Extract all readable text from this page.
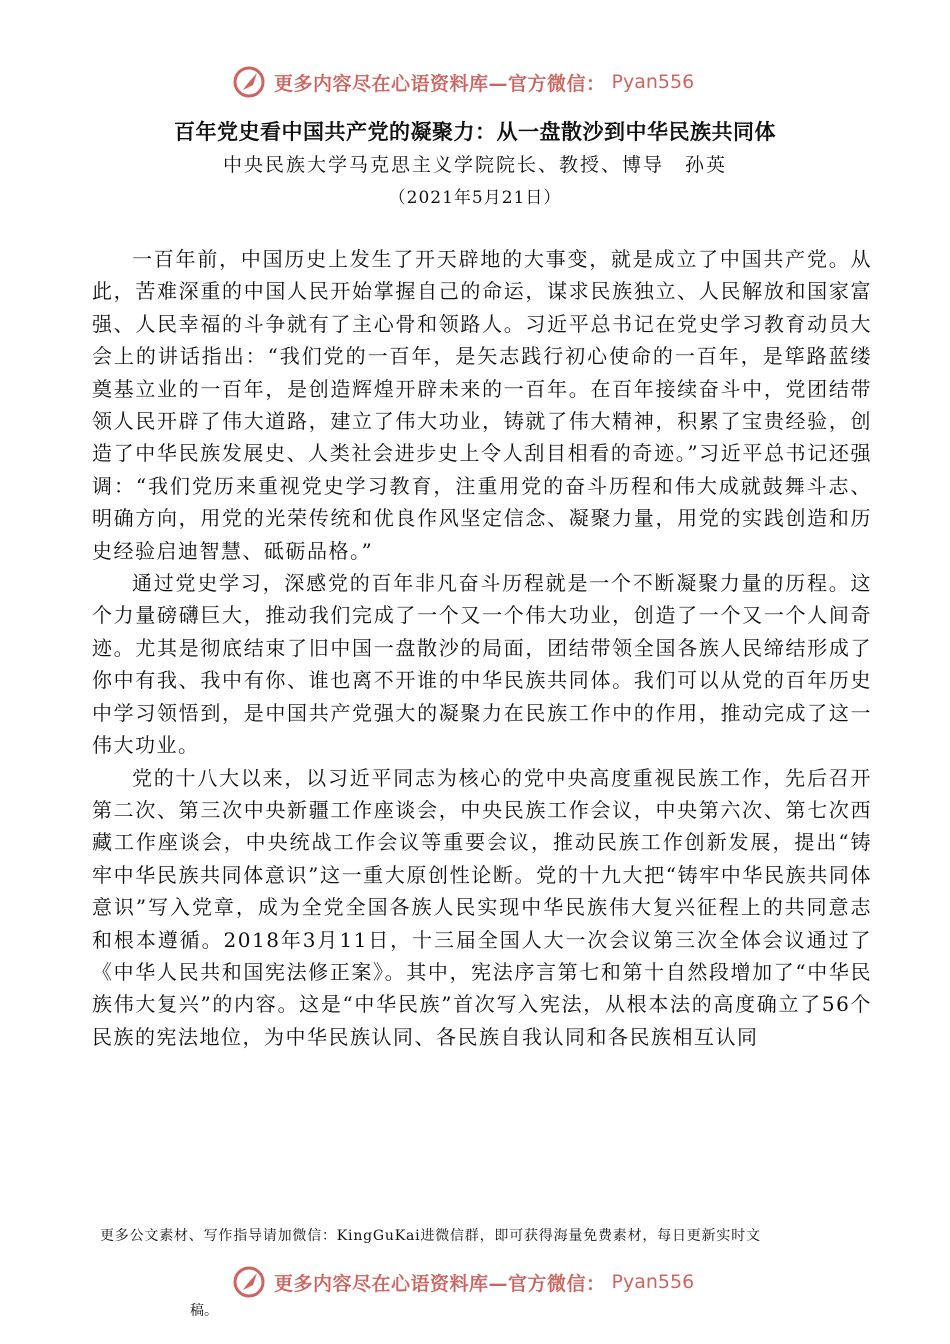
更多内容尽在心语资料库—官方微信： Pyan556
百年党史看中国共产党的凝聚力：从一盘散沙到中华民族共同体
中央民族大学马克思主义学院院长、教授、博导　孙英
（2021年5月21日）

一百年前，中国历史上发生了开天辟地的大事变，就是成立了中国共产党。从此，苦难深重的中国人民开始掌握自己的命运，谋求民族独立、人民解放和国家富强、人民幸福的斗争就有了主心骨和领路人。习近平总书记在党史学习教育动员大会上的讲话指出：“我们党的一百年，是矢志践行初心使命的一百年，是筚路蓝缕奠基立业的一百年，是创造辉煌开辟未来的一百年。在百年接续奋斗中，党团结带领人民开辟了伟大道路，建立了伟大功业，铸就了伟大精神，积累了宝贵经验，创造了中华民族发展史、人类社会进步史上令人刮目相看的奇迹。”习近平总书记还强调：“我们党历来重视党史学习教育，注重用党的奋斗历程和伟大成就鼓舞斗志、明确方向，用党的光荣传统和优良作风坚定信念、凝聚力量，用党的实践创造和历史经验启迪智慧、砥砺品格。”

通过党史学习，深感党的百年非凡奋斗历程就是一个不断凝聚力量的历程。这个力量磅礴巨大，推动我们完成了一个又一个伟大功业，创造了一个又一个人间奇迹。尤其是彻底结束了旧中国一盘散沙的局面，团结带领全国各族人民缔结形成了你中有我、我中有你、谁也离不开谁的中华民族共同体。我们可以从党的百年历史中学习领悟到，是中国共产党强大的凝聚力在民族工作中的作用，推动完成了这一伟大功业。

党的十八大以来，以习近平同志为核心的党中央高度重视民族工作，先后召开第二次、第三次中央新疆工作座谈会，中央民族工作会议，中央第六次、第七次西藏工作座谈会，中央统战工作会议等重要会议，推动民族工作创新发展，提出“铸牢中华民族共同体意识”这一重大原创性论断。党的十九大把“铸牢中华民族共同体意识”写入党章，成为全党全国各族人民实现中华民族伟大复兴征程上的共同意志和根本遵循。2018年3月11日，十三届全国人大一次会议第三次全体会议通过了《中华人民共和国宪法修正案》。其中，宪法序言第七和第十自然段增加了“中华民族伟大复兴”的内容。这是“中华民族”首次写入宪法，从根本法的高度确立了56个民族的宪法地位，为中华民族认同、各民族自我认同和各民族相互认同

更多公文素材、写作指导请加微信：KingGuKai进微信群，即可获得海量免费素材，每日更新实时文
更多内容尽在心语资料库—官方微信： Pyan556
稿。
